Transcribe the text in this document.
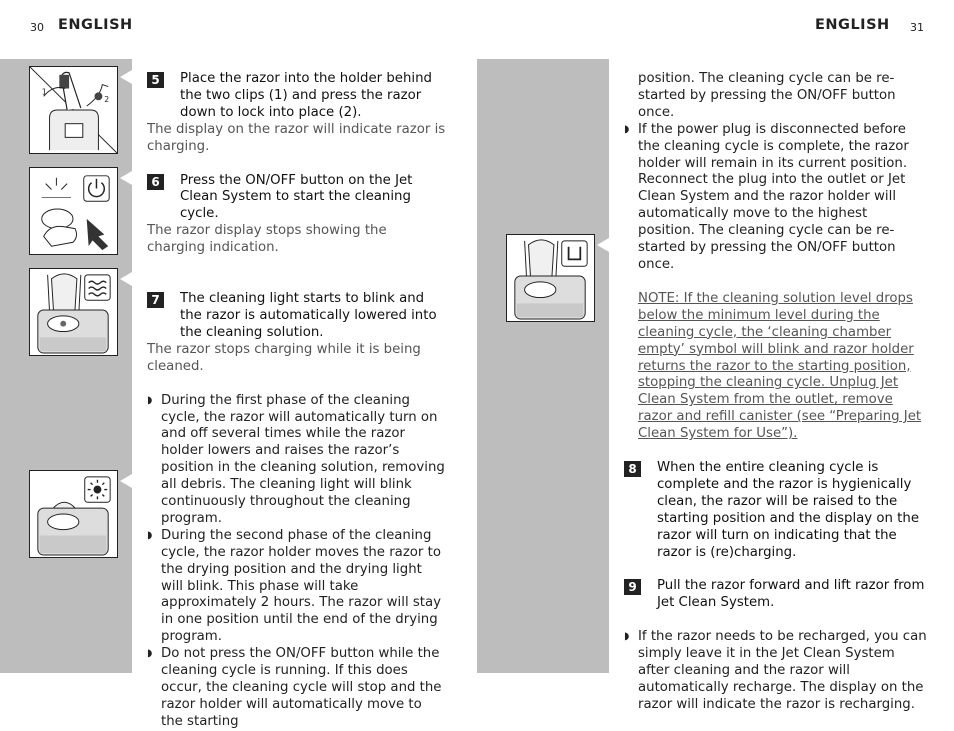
30 ENGLISH	ENGLISH 31
1
2
5	Place the razor into the holder behind the two clips (1) and press the razor down to lock into place (2).

The display on the razor will indicate razor is charging.

6	Press the ON/OFF button on the Jet Clean System to start the cleaning cycle.

The razor display stops showing the charging indication.

7	The cleaning light starts to blink and the razor is automatically lowered into the cleaning solution.

The razor stops charging while it is being cleaned.

◗ During the first phase of the cleaning cycle, the razor will automatically turn on and off several times while the razor holder lowers and raises the razor’s position in the cleaning solution, removing all debris. The cleaning light will blink continuously throughout the cleaning program.

◗ During the second phase of the cleaning cycle, the razor holder moves the razor to the drying position and the drying light will blink. This phase will take approximately 2 hours. The razor will stay in one position until the end of the drying program.

◗ Do not press the ON/OFF button while the cleaning cycle is running. If this does occur, the cleaning cycle will stop and the razor holder will automatically move to the starting

position. The cleaning cycle can be re-started by pressing the ON/OFF button once.

◗ If the power plug is disconnected before the cleaning cycle is complete, the razor holder will remain in its current position. Reconnect the plug into the outlet or Jet Clean System and the razor holder will automatically move to the highest position. The cleaning cycle can be re-started by pressing the ON/OFF button once.

NOTE: If the cleaning solution level drops below the minimum level during the cleaning cycle, the ‘cleaning chamber empty’ symbol will blink and razor holder returns the razor to the starting position, stopping the cleaning cycle. Unplug Jet Clean System from the outlet, remove razor and refill canister (see “Preparing Jet Clean System for Use”).

8	When the entire cleaning cycle is complete and the razor is hygienically clean, the razor will be raised to the starting position and the display on the razor will turn on indicating that the razor is (re)charging.

9	Pull the razor forward and lift razor from Jet Clean System.

◗ If the razor needs to be recharged, you can simply leave it in the Jet Clean System after cleaning and the razor will automatically recharge. The display on the razor will indicate the razor is recharging.
